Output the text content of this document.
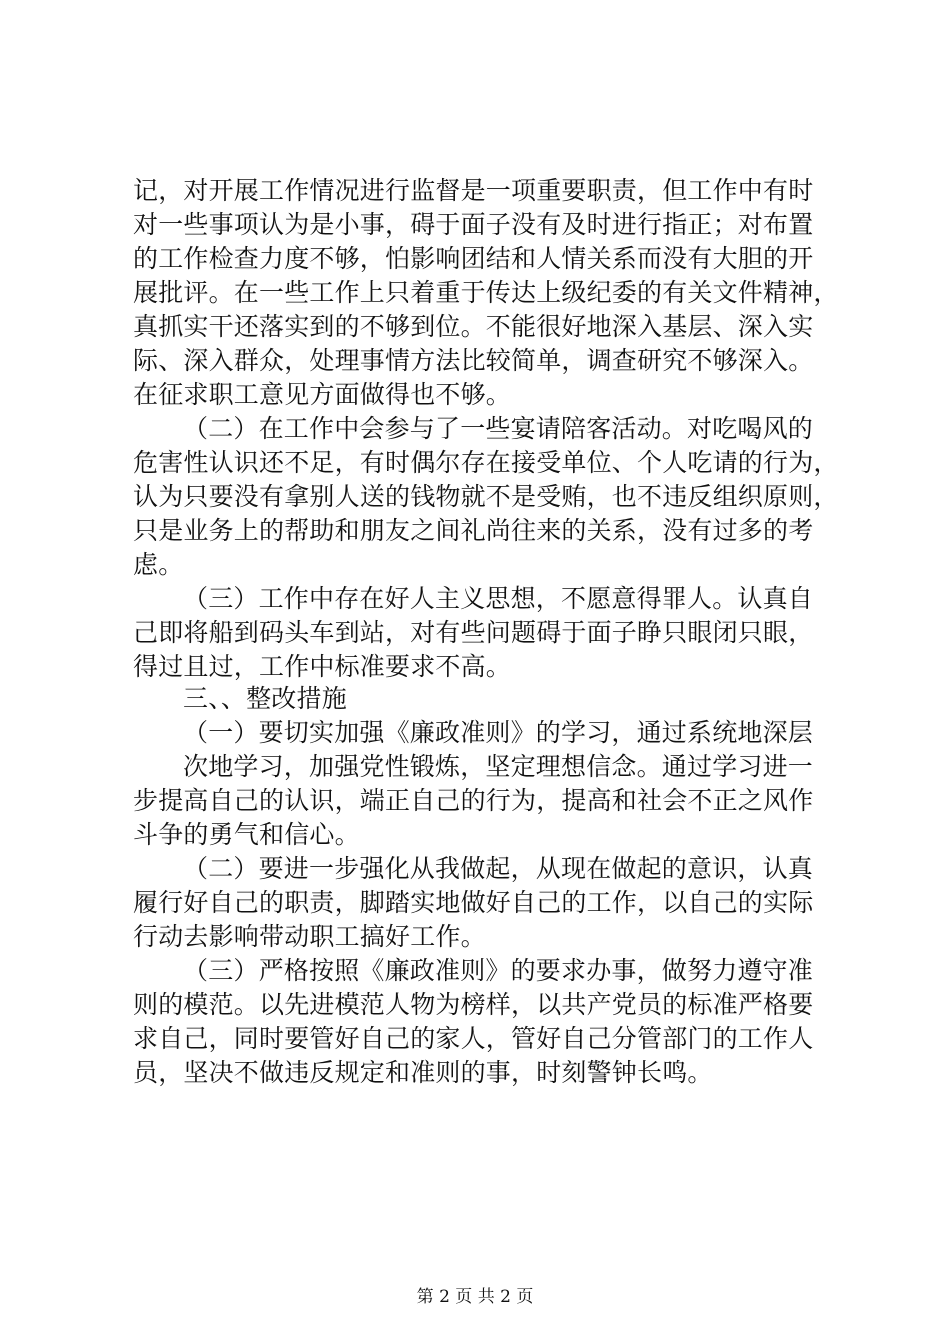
记，对开展工作情况进行监督是一项重要职责，但工作中有时
对一些事项认为是小事，碍于面子没有及时进行指正；对布置
的工作检查力度不够，怕影响团结和人情关系而没有大胆的开
展批评。在一些工作上只着重于传达上级纪委的有关文件精神，
真抓实干还落实到的不够到位。不能很好地深入基层、深入实
际、深入群众，处理事情方法比较简单，调查研究不够深入。
在征求职工意见方面做得也不够。
（二）在工作中会参与了一些宴请陪客活动。对吃喝风的
危害性认识还不足，有时偶尔存在接受单位、个人吃请的行为，
认为只要没有拿别人送的钱物就不是受贿，也不违反组织原则，
只是业务上的帮助和朋友之间礼尚往来的关系，没有过多的考
虑。
（三）工作中存在好人主义思想，不愿意得罪人。认真自
己即将船到码头车到站，对有些问题碍于面子睁只眼闭只眼，
得过且过，工作中标准要求不高。
三、、整改措施
（一）要切实加强《廉政准则》的学习，通过系统地深层
次地学习，加强党性锻炼，坚定理想信念。通过学习进一
步提高自己的认识，端正自己的行为，提高和社会不正之风作
斗争的勇气和信心。
（二）要进一步强化从我做起，从现在做起的意识，认真
履行好自己的职责，脚踏实地做好自己的工作，以自己的实际
行动去影响带动职工搞好工作。
（三）严格按照《廉政准则》的要求办事，做努力遵守准
则的模范。以先进模范人物为榜样，以共产党员的标准严格要
求自己，同时要管好自己的家人，管好自己分管部门的工作人
员，坚决不做违反规定和准则的事，时刻警钟长鸣。
第 2 页 共 2 页
